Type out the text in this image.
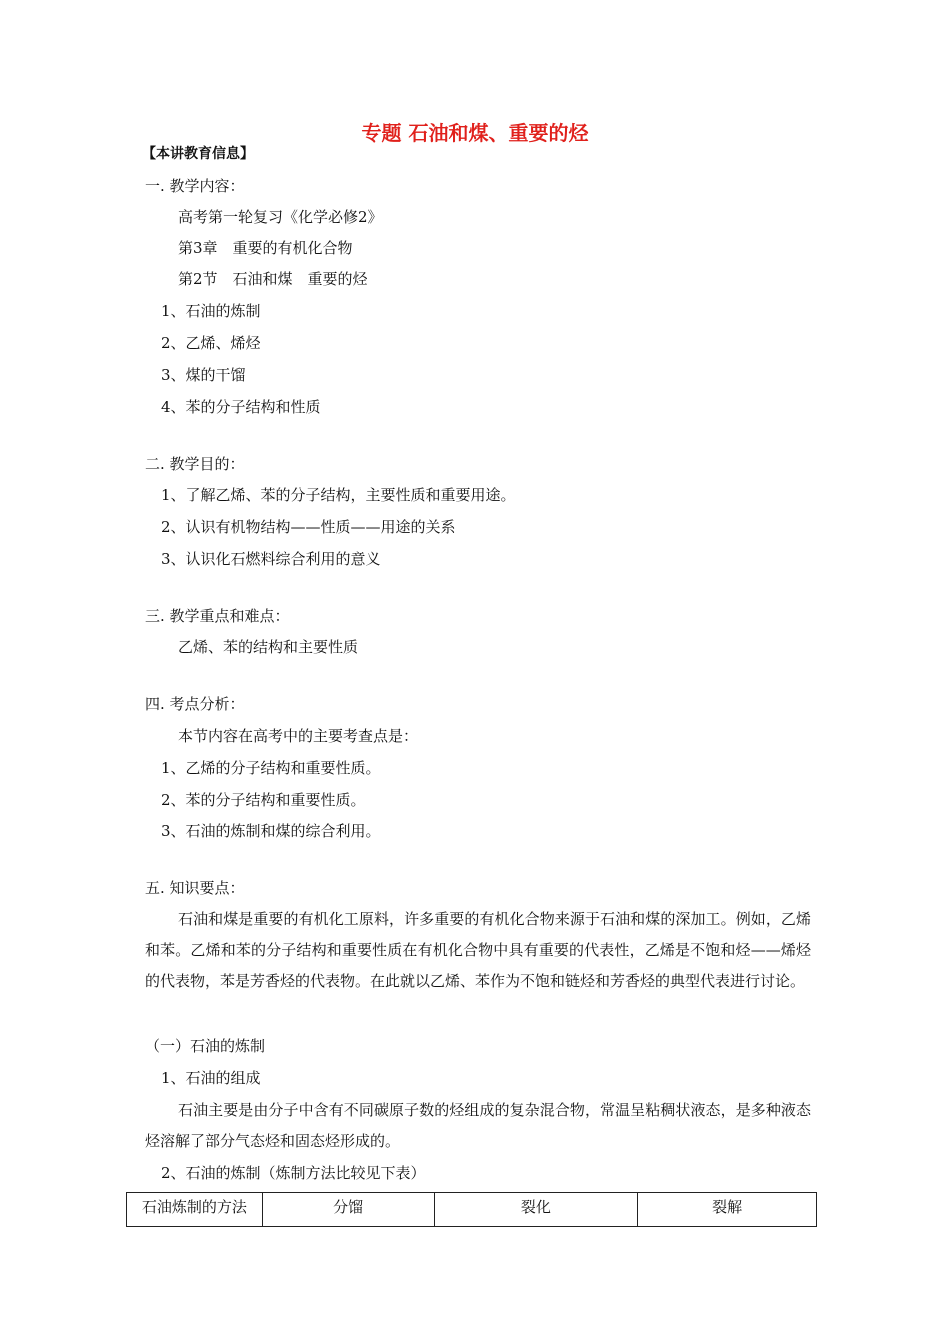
专题 石油和煤、重要的烃
【本讲教育信息】
一. 教学内容：
高考第一轮复习《化学必修2》
第3章　重要的有机化合物
第2节　石油和煤　重要的烃
1、石油的炼制
2、乙烯、烯烃
3、煤的干馏
4、苯的分子结构和性质
二. 教学目的：
1、了解乙烯、苯的分子结构，主要性质和重要用途。
2、认识有机物结构——性质——用途的关系
3、认识化石燃料综合利用的意义
三. 教学重点和难点：
乙烯、苯的结构和主要性质
四. 考点分析：
本节内容在高考中的主要考查点是：
1、乙烯的分子结构和重要性质。
2、苯的分子结构和重要性质。
3、石油的炼制和煤的综合利用。
五. 知识要点：
石油和煤是重要的有机化工原料，许多重要的有机化合物来源于石油和煤的深加工。例如，乙烯和苯。乙烯和苯的分子结构和重要性质在有机化合物中具有重要的代表性，乙烯是不饱和烃——烯烃的代表物，苯是芳香烃的代表物。在此就以乙烯、苯作为不饱和链烃和芳香烃的典型代表进行讨论。
（一）石油的炼制
1、石油的组成
石油主要是由分子中含有不同碳原子数的烃组成的复杂混合物，常温呈粘稠状液态，是多种液态烃溶解了部分气态烃和固态烃形成的。
2、石油的炼制（炼制方法比较见下表）
石油炼制的方法	分馏	裂化	裂解
